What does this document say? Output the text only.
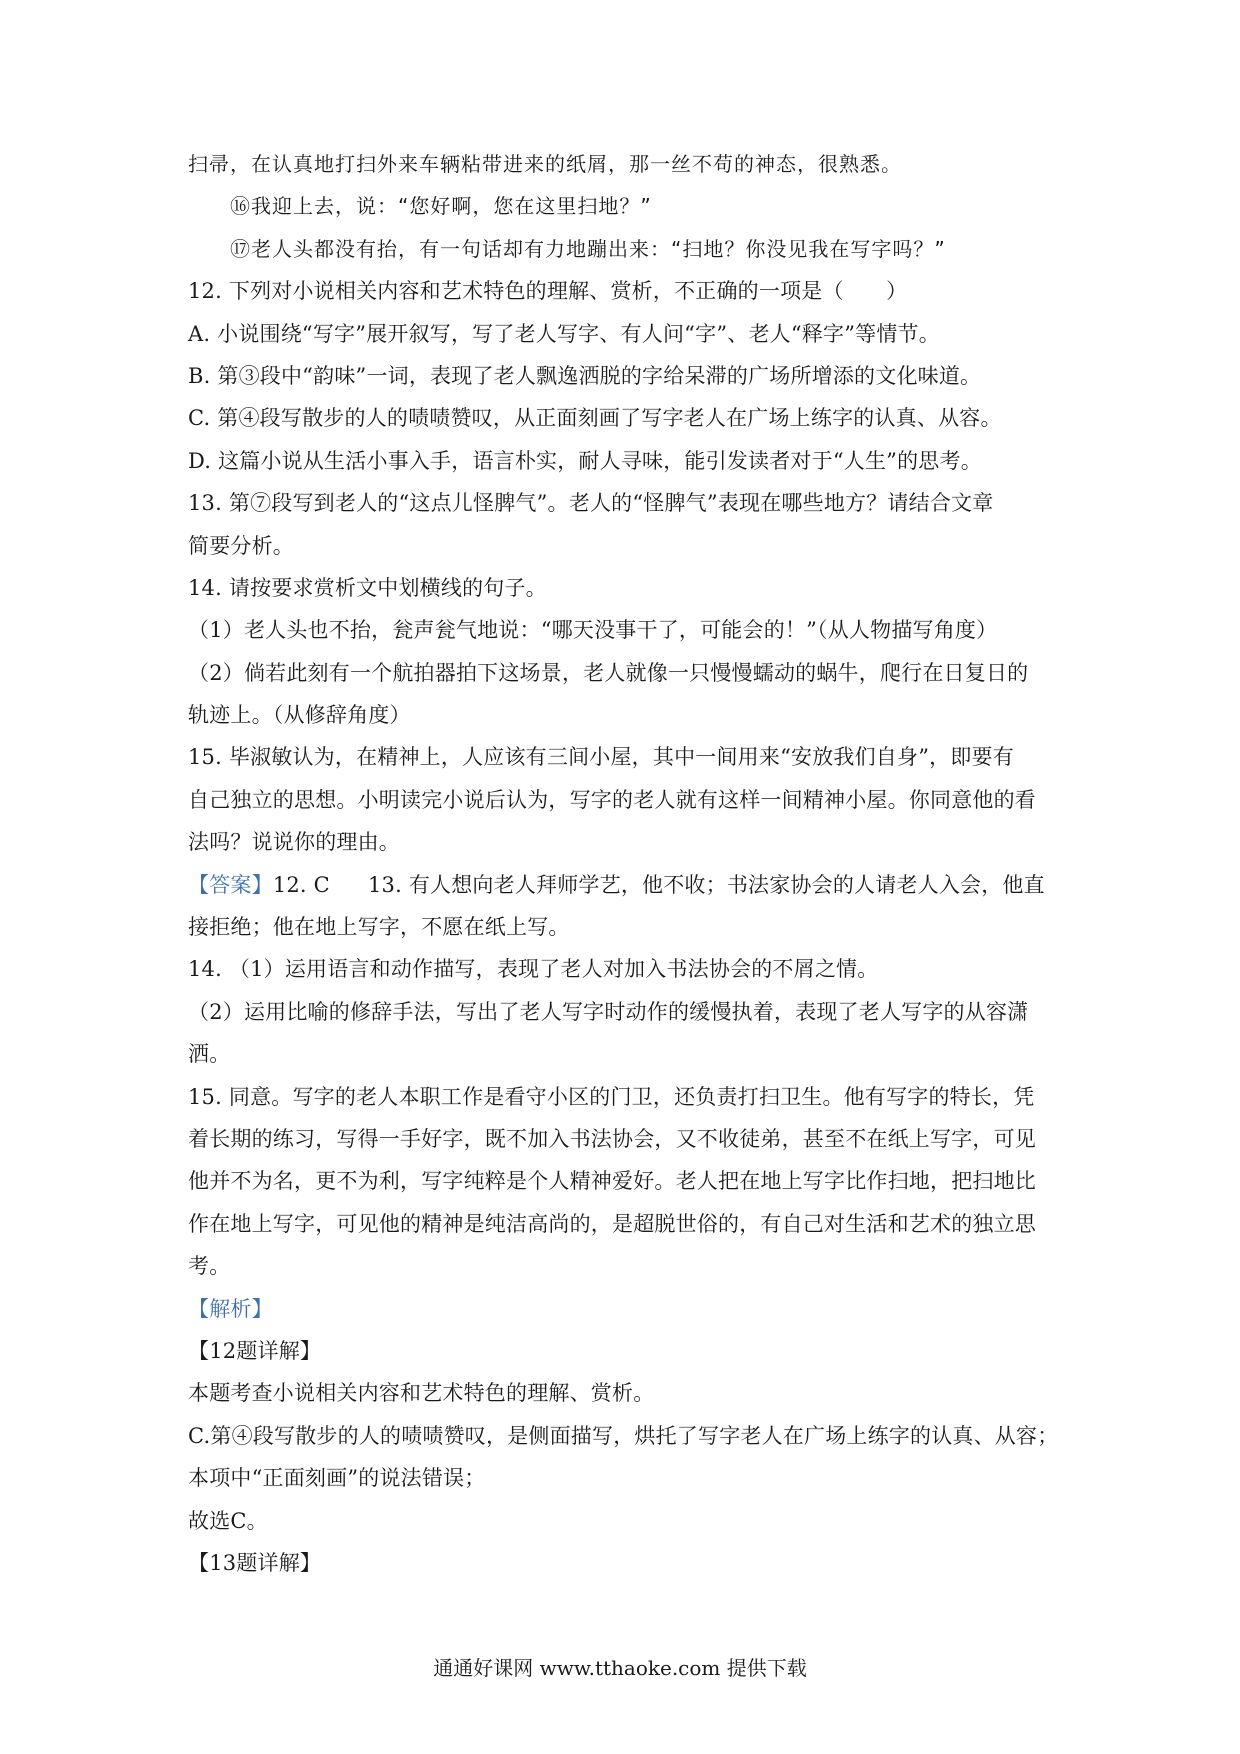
扫帚，在认真地打扫外来车辆粘带进来的纸屑，那一丝不苟的神态，很熟悉。
⑯我迎上去，说：“您好啊，您在这里扫地？”
⑰老人头都没有抬，有一句话却有力地蹦出来：“扫地？你没见我在写字吗？”
12. 下列对小说相关内容和艺术特色的理解、赏析，不正确的一项是（　　）
A. 小说围绕“写字”展开叙写，写了老人写字、有人问“字”、老人“释字”等情节。
B. 第③段中“韵味”一词，表现了老人飘逸洒脱的字给呆滞的广场所增添的文化味道。
C. 第④段写散步的人的啧啧赞叹，从正面刻画了写字老人在广场上练字的认真、从容。
D. 这篇小说从生活小事入手，语言朴实，耐人寻味，能引发读者对于“人生”的思考。
13. 第⑦段写到老人的“这点儿怪脾气”。老人的“怪脾气”表现在哪些地方？请结合文章
简要分析。
14. 请按要求赏析文中划横线的句子。
（1）老人头也不抬，瓮声瓮气地说：“哪天没事干了，可能会的！”（从人物描写角度）
（2）倘若此刻有一个航拍器拍下这场景，老人就像一只慢慢蠕动的蜗牛，爬行在日复日的
轨迹上。（从修辞角度）
15. 毕淑敏认为，在精神上，人应该有三间小屋，其中一间用来“安放我们自身”，即要有
自己独立的思想。小明读完小说后认为，写字的老人就有这样一间精神小屋。你同意他的看
法吗？说说你的理由。
【答案】12. C 13. 有人想向老人拜师学艺，他不收；书法家协会的人请老人入会，他直
接拒绝；他在地上写字，不愿在纸上写。
14. （1）运用语言和动作描写，表现了老人对加入书法协会的不屑之情。
（2）运用比喻的修辞手法，写出了老人写字时动作的缓慢执着，表现了老人写字的从容潇
洒。
15. 同意。写字的老人本职工作是看守小区的门卫，还负责打扫卫生。他有写字的特长，凭
着长期的练习，写得一手好字，既不加入书法协会，又不收徒弟，甚至不在纸上写字，可见
他并不为名，更不为利，写字纯粹是个人精神爱好。老人把在地上写字比作扫地，把扫地比
作在地上写字，可见他的精神是纯洁高尚的，是超脱世俗的，有自己对生活和艺术的独立思
考。
【解析】
【12题详解】
本题考查小说相关内容和艺术特色的理解、赏析。
C.第④段写散步的人的啧啧赞叹，是侧面描写，烘托了写字老人在广场上练字的认真、从容；
本项中“正面刻画”的说法错误；
故选C。
【13题详解】
通通好课网 www.tthaoke.com 提供下载
